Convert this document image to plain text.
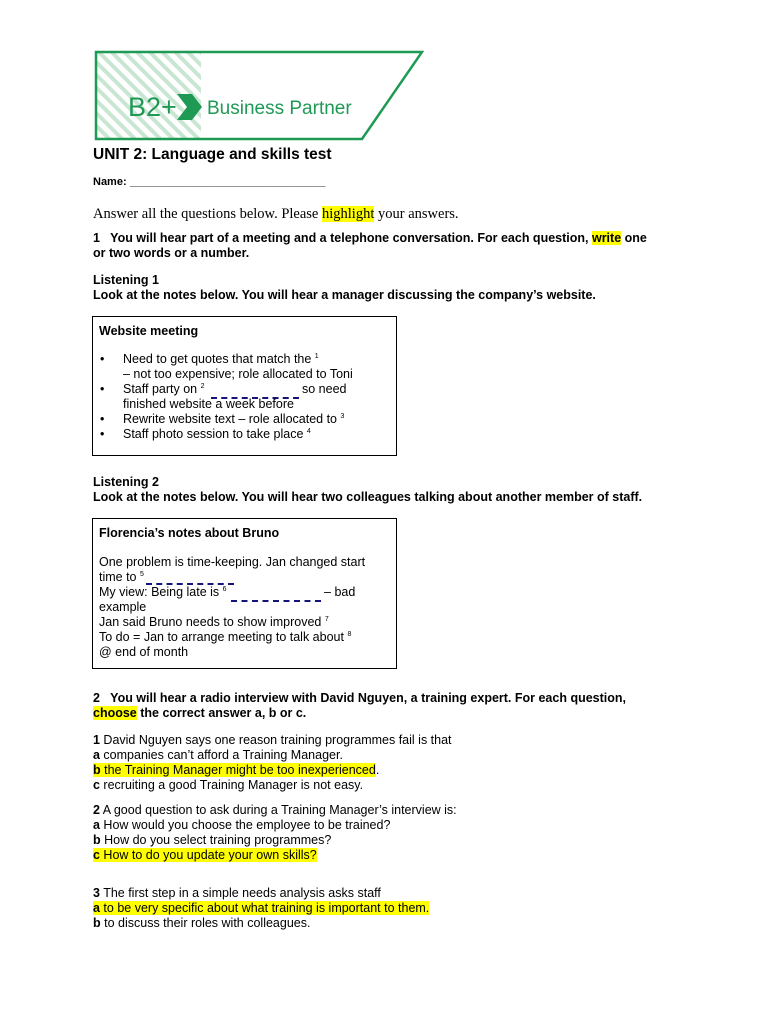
B2+ Business Partner
UNIT 2: Language and skills test
Name: ________________________________
Answer all the questions below. Please highlight your answers.
1 You will hear part of a meeting and a telephone conversation. For each question, write one
or two words or a number.
Listening 1
Look at the notes below. You will hear a manager discussing the company’s website.
Website meeting
• Need to get quotes that match the $^1$
– not too expensive; role allocated to Toni
• Staff party on $^2$	so need
finished website a week before
• Rewrite website text – role allocated to $^3$
• Staff photo session to take place $^4$
Listening 2
Look at the notes below. You will hear two colleagues talking about another member of staff.
Florencia’s notes about Bruno
One problem is time-keeping. Jan changed start
time to $^5$
My view: Being late is $^6$	– bad
example
Jan said Bruno needs to show improved $^7$
To do = Jan to arrange meeting to talk about $^8$
@ end of month
2 You will hear a radio interview with David Nguyen, a training expert. For each question,
choose the correct answer a, b or c.
1 David Nguyen says one reason training programmes fail is that
a companies can’t afford a Training Manager.
b the Training Manager might be too inexperienced.
c recruiting a good Training Manager is not easy.
2 A good question to ask during a Training Manager’s interview is:
a How would you choose the employee to be trained?
b How do you select training programmes?
c How to do you update your own skills?
3 The first step in a simple needs analysis asks staff
a to be very specific about what training is important to them.
b to discuss their roles with colleagues.
